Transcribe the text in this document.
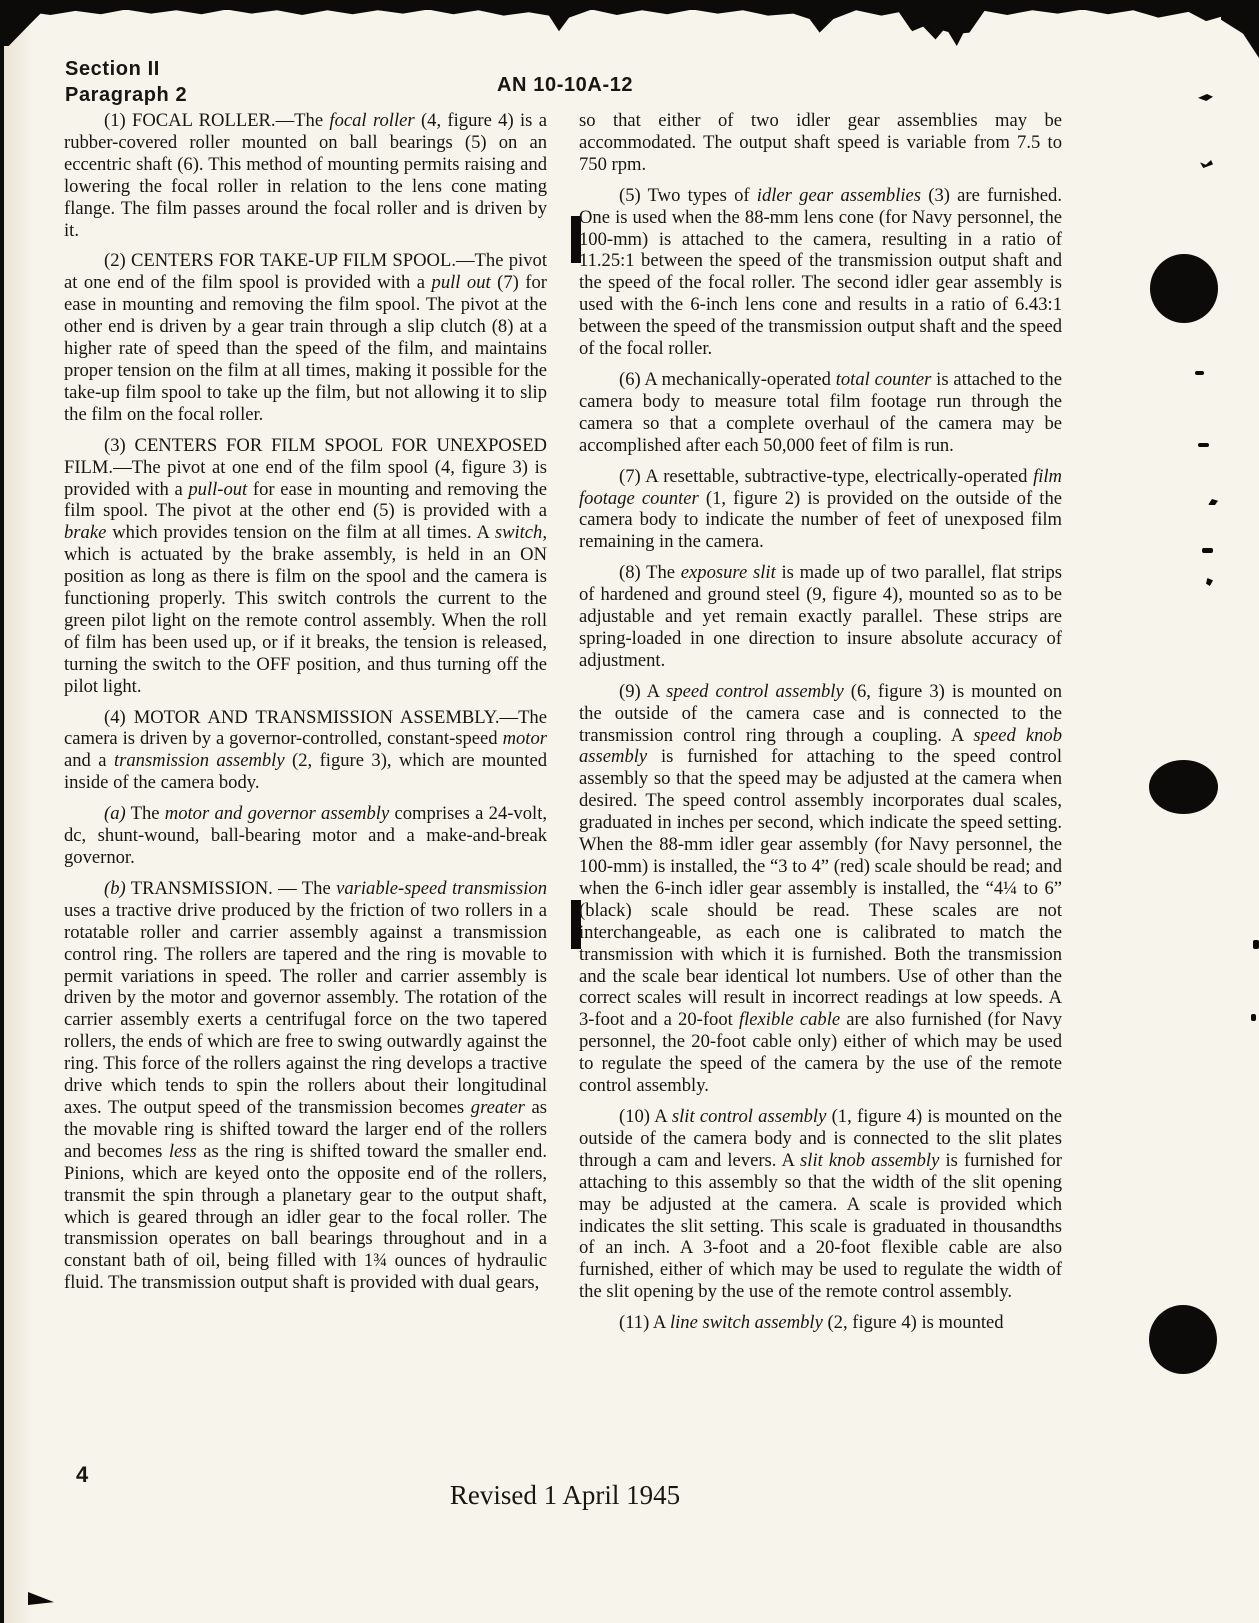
Section II
Paragraph 2	AN 10-10A-12

(1) FOCAL ROLLER.—The focal roller (4, figure 4) is a rubber-covered roller mounted on ball bearings (5) on an eccentric shaft (6). This method of mounting permits raising and lowering the focal roller in relation to the lens cone mating flange. The film passes around the focal roller and is driven by it.

(2) CENTERS FOR TAKE-UP FILM SPOOL.—The pivot at one end of the film spool is provided with a pull out (7) for ease in mounting and removing the film spool. The pivot at the other end is driven by a gear train through a slip clutch (8) at a higher rate of speed than the speed of the film, and maintains proper tension on the film at all times, making it possible for the take-up film spool to take up the film, but not allowing it to slip the film on the focal roller.

(3) CENTERS FOR FILM SPOOL FOR UNEXPOSED FILM.—The pivot at one end of the film spool (4, figure 3) is provided with a pull-out for ease in mounting and removing the film spool. The pivot at the other end (5) is provided with a brake which provides tension on the film at all times. A switch, which is actuated by the brake assembly, is held in an ON position as long as there is film on the spool and the camera is functioning properly. This switch controls the current to the green pilot light on the remote control assembly. When the roll of film has been used up, or if it breaks, the tension is released, turning the switch to the OFF position, and thus turning off the pilot light.

(4) MOTOR AND TRANSMISSION ASSEMBLY.—The camera is driven by a governor-controlled, constant-speed motor and a transmission assembly (2, figure 3), which are mounted inside of the camera body.

(a) The motor and governor assembly comprises a 24-volt, dc, shunt-wound, ball-bearing motor and a make-and-break governor.

(b) TRANSMISSION. — The variable-speed transmission uses a tractive drive produced by the friction of two rollers in a rotatable roller and carrier assembly against a transmission control ring. The rollers are tapered and the ring is movable to permit variations in speed. The roller and carrier assembly is driven by the motor and governor assembly. The rotation of the carrier assembly exerts a centrifugal force on the two tapered rollers, the ends of which are free to swing outwardly against the ring. This force of the rollers against the ring develops a tractive drive which tends to spin the rollers about their longitudinal axes. The output speed of the transmission becomes greater as the movable ring is shifted toward the larger end of the rollers and becomes less as the ring is shifted toward the smaller end. Pinions, which are keyed onto the opposite end of the rollers, transmit the spin through a planetary gear to the output shaft, which is geared through an idler gear to the focal roller. The transmission operates on ball bearings throughout and in a constant bath of oil, being filled with 1¾ ounces of hydraulic fluid. The transmission output shaft is provided with dual gears,

so that either of two idler gear assemblies may be accommodated. The output shaft speed is variable from 7.5 to 750 rpm.

(5) Two types of idler gear assemblies (3) are furnished. One is used when the 88-mm lens cone (for Navy personnel, the 100-mm) is attached to the camera, resulting in a ratio of 11.25:1 between the speed of the transmission output shaft and the speed of the focal roller. The second idler gear assembly is used with the 6-inch lens cone and results in a ratio of 6.43:1 between the speed of the transmission output shaft and the speed of the focal roller.

(6) A mechanically-operated total counter is attached to the camera body to measure total film footage run through the camera so that a complete overhaul of the camera may be accomplished after each 50,000 feet of film is run.

(7) A resettable, subtractive-type, electrically-operated film footage counter (1, figure 2) is provided on the outside of the camera body to indicate the number of feet of unexposed film remaining in the camera.

(8) The exposure slit is made up of two parallel, flat strips of hardened and ground steel (9, figure 4), mounted so as to be adjustable and yet remain exactly parallel. These strips are spring-loaded in one direction to insure absolute accuracy of adjustment.

(9) A speed control assembly (6, figure 3) is mounted on the outside of the camera case and is connected to the transmission control ring through a coupling. A speed knob assembly is furnished for attaching to the speed control assembly so that the speed may be adjusted at the camera when desired. The speed control assembly incorporates dual scales, graduated in inches per second, which indicate the speed setting. When the 88-mm idler gear assembly (for Navy personnel, the 100-mm) is installed, the “3 to 4” (red) scale should be read; and when the 6-inch idler gear assembly is installed, the “4¼ to 6” (black) scale should be read. These scales are not interchangeable, as each one is calibrated to match the transmission with which it is furnished. Both the transmission and the scale bear identical lot numbers. Use of other than the correct scales will result in incorrect readings at low speeds. A 3-foot and a 20-foot flexible cable are also furnished (for Navy personnel, the 20-foot cable only) either of which may be used to regulate the speed of the camera by the use of the remote control assembly.

(10) A slit control assembly (1, figure 4) is mounted on the outside of the camera body and is connected to the slit plates through a cam and levers. A slit knob assembly is furnished for attaching to this assembly so that the width of the slit opening may be adjusted at the camera. A scale is provided which indicates the slit setting. This scale is graduated in thousandths of an inch. A 3-foot and a 20-foot flexible cable are also furnished, either of which may be used to regulate the width of the slit opening by the use of the remote control assembly.

(11) A line switch assembly (2, figure 4) is mounted

4
Revised 1 April 1945
